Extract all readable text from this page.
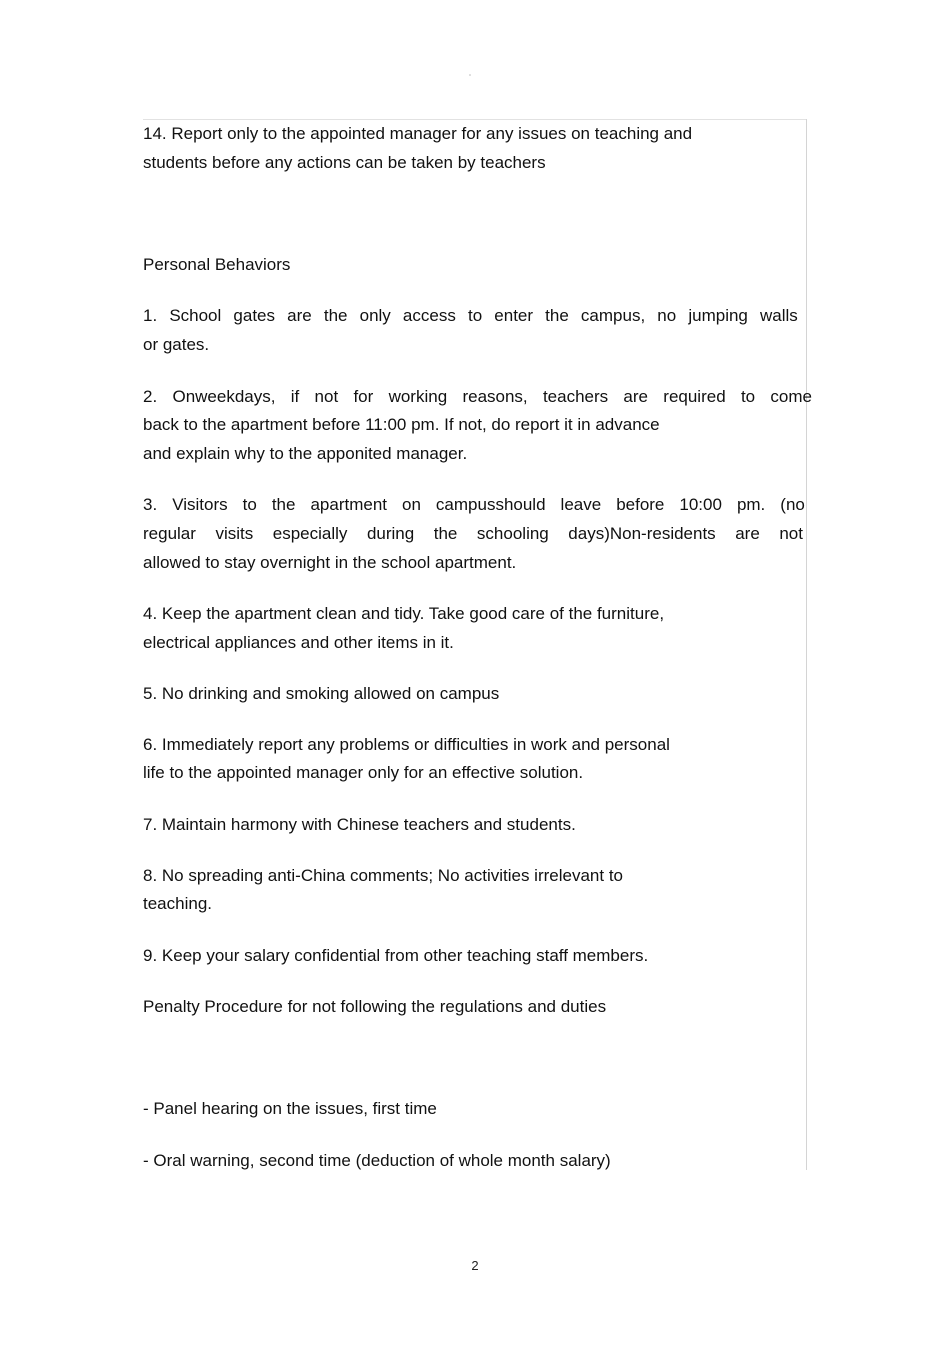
°
14. Report only to the appointed manager for any issues on teaching and
students before any actions can be taken by teachers
Personal Behaviors
1. School gates are the only access to enter the campus, no jumping walls
or gates.
2. Onweekdays, if not for working reasons, teachers are required to come
back to the apartment before 11:00 pm. If not, do report it in advance
and explain why to the apponited manager.
3. Visitors to the apartment on campusshould leave before 10:00 pm. (no
regular visits especially during the schooling days)Non-residents are not
allowed to stay overnight in the school apartment.
4. Keep the apartment clean and tidy. Take good care of the furniture,
electrical appliances and other items in it.
5. No drinking and smoking allowed on campus
6. Immediately report any problems or difficulties in work and personal
life to the appointed manager only for an effective solution.
7. Maintain harmony with Chinese teachers and students.
8. No spreading anti-China comments; No activities irrelevant to
teaching.
9. Keep your salary confidential from other teaching staff members.
Penalty Procedure for not following the regulations and duties
- Panel hearing on the issues, first time
- Oral warning, second time (deduction of whole month salary)
2
